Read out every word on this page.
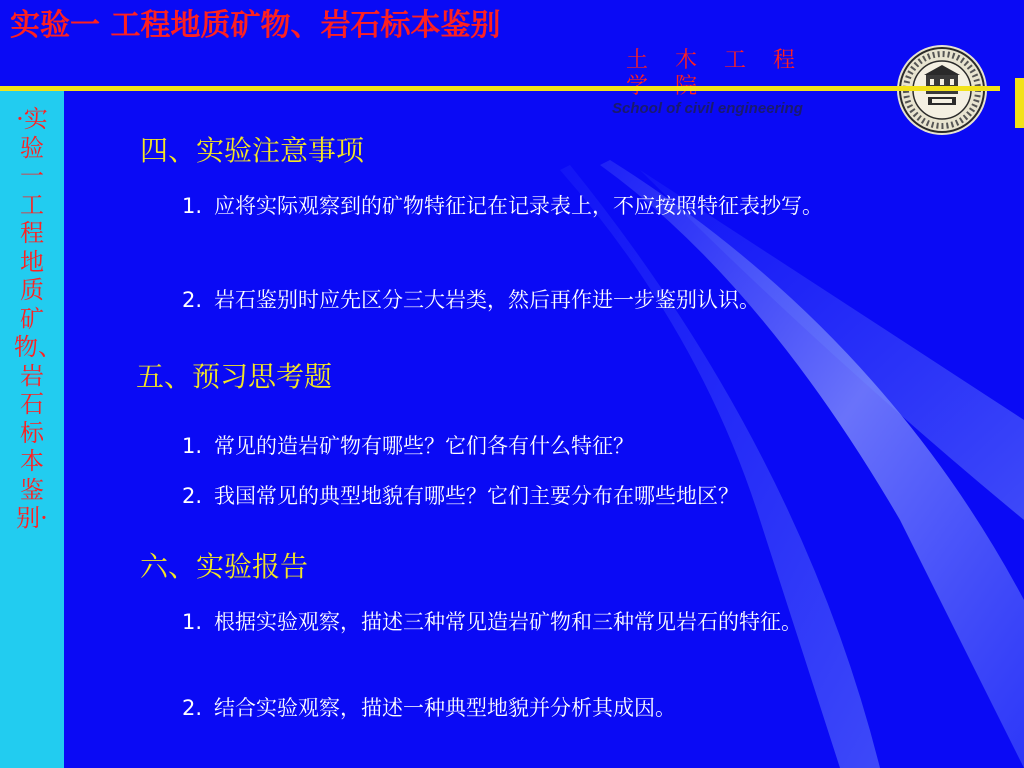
实验一 工程地质矿物、岩石标本鉴别
土 木 工 程
School of civil engineering
·实验一 工程地质矿物、岩石标本鉴别·
四、实验注意事项
1. 应将实际观察到的矿物特征记在记录表上，不应按照特征表抄写。
2. 岩石鉴别时应先区分三大岩类，然后再作进一步鉴别认识。
五、预习思考题
1. 常见的造岩矿物有哪些？它们各有什么特征？
2. 我国常见的典型地貌有哪些？它们主要分布在哪些地区？
六、实验报告
1. 根据实验观察，描述三种常见造岩矿物和三种常见岩石的特征。
2. 结合实验观察，描述一种典型地貌并分析其成因。
